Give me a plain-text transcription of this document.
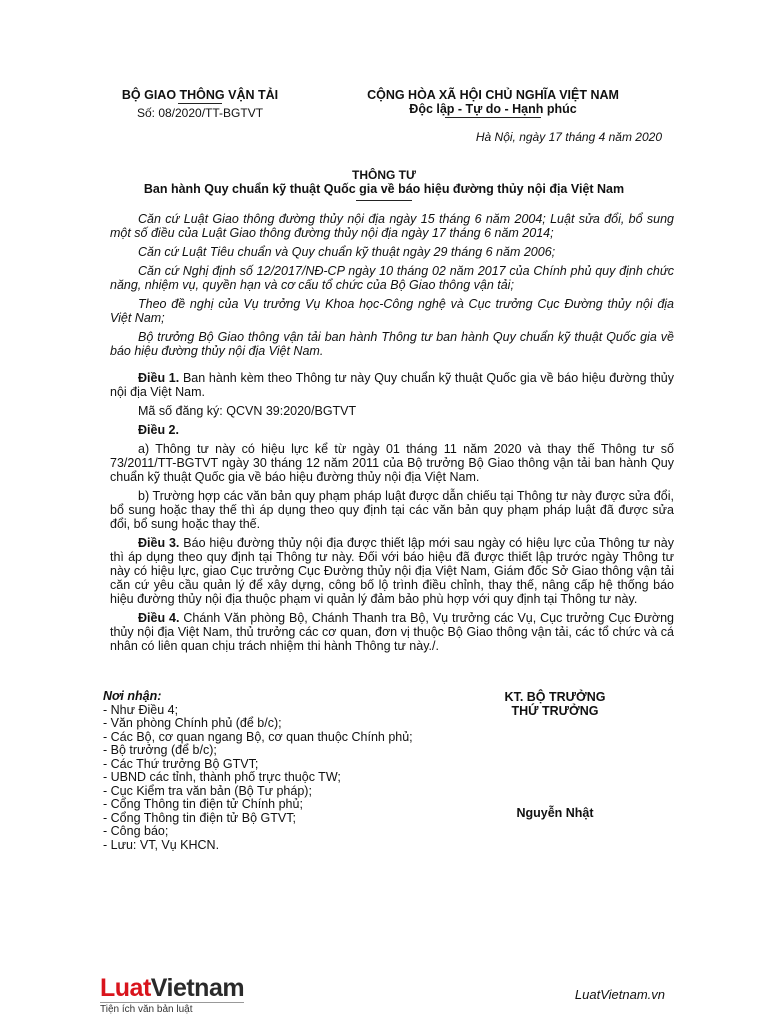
BỘ GIAO THÔNG VẬN TẢI
Số: 08/2020/TT-BGTVT
CỘNG HÒA XÃ HỘI CHỦ NGHĨA VIỆT NAM
Độc lập - Tự do - Hạnh phúc
Hà Nội, ngày 17 tháng 4 năm 2020
THÔNG TƯ
Ban hành Quy chuẩn kỹ thuật Quốc gia về báo hiệu đường thủy nội địa Việt Nam

Căn cứ Luật Giao thông đường thủy nội địa ngày 15 tháng 6 năm 2004; Luật sửa đổi, bổ sung một số điều của Luật Giao thông đường thủy nội địa ngày 17 tháng 6 năm 2014;

Căn cứ Luật Tiêu chuẩn và Quy chuẩn kỹ thuật ngày 29 tháng 6 năm 2006;

Căn cứ Nghị định số 12/2017/NĐ-CP ngày 10 tháng 02 năm 2017 của Chính phủ quy định chức năng, nhiệm vụ, quyền hạn và cơ cấu tổ chức của Bộ Giao thông vận tải;

Theo đề nghị của Vụ trưởng Vụ Khoa học-Công nghệ và Cục trưởng Cục Đường thủy nội địa Việt Nam;

Bộ trưởng Bộ Giao thông vận tải ban hành Thông tư ban hành Quy chuẩn kỹ thuật Quốc gia về báo hiệu đường thủy nội địa Việt Nam.

Điều 1. Ban hành kèm theo Thông tư này Quy chuẩn kỹ thuật Quốc gia về báo hiệu đường thủy nội địa Việt Nam.

Mã số đăng ký: QCVN 39:2020/BGTVT

Điều 2.

a) Thông tư này có hiệu lực kể từ ngày 01 tháng 11 năm 2020 và thay thế Thông tư số 73/2011/TT-BGTVT ngày 30 tháng 12 năm 2011 của Bộ trưởng Bộ Giao thông vận tải ban hành Quy chuẩn kỹ thuật Quốc gia về báo hiệu đường thủy nội địa Việt Nam.

b) Trường hợp các văn bản quy phạm pháp luật được dẫn chiếu tại Thông tư này được sửa đổi, bổ sung hoặc thay thế thì áp dụng theo quy định tại các văn bản quy phạm pháp luật đã được sửa đổi, bổ sung hoặc thay thế.

Điều 3. Báo hiệu đường thủy nội địa được thiết lập mới sau ngày có hiệu lực của Thông tư này thì áp dụng theo quy định tại Thông tư này. Đối với báo hiệu đã được thiết lập trước ngày Thông tư này có hiệu lực, giao Cục trưởng Cục Đường thủy nội địa Việt Nam, Giám đốc Sở Giao thông vận tải căn cứ yêu cầu quản lý để xây dựng, công bố lộ trình điều chỉnh, thay thế, nâng cấp hệ thống báo hiệu đường thủy nội địa thuộc phạm vi quản lý đảm bảo phù hợp với quy định tại Thông tư này.

Điều 4. Chánh Văn phòng Bộ, Chánh Thanh tra Bộ, Vụ trưởng các Vụ, Cục trưởng Cục Đường thủy nội địa Việt Nam, thủ trưởng các cơ quan, đơn vị thuộc Bộ Giao thông vận tải, các tổ chức và cá nhân có liên quan chịu trách nhiệm thi hành Thông tư này./.

Nơi nhận:
- Như Điều 4;
- Văn phòng Chính phủ (để b/c);
- Các Bộ, cơ quan ngang Bộ, cơ quan thuộc Chính phủ;
- Bộ trưởng (để b/c);
- Các Thứ trưởng Bộ GTVT;
- UBND các tỉnh, thành phố trực thuộc TW;
- Cục Kiểm tra văn bản (Bộ Tư pháp);
- Cổng Thông tin điện tử Chính phủ;
- Cổng Thông tin điện tử Bộ GTVT;
- Công báo;
- Lưu: VT, Vụ KHCN.
KT. BỘ TRƯỞNG
THỨ TRƯỞNG
Nguyễn Nhật
LuatVietnam
Tiện ích văn bản luật
LuatVietnam.vn
